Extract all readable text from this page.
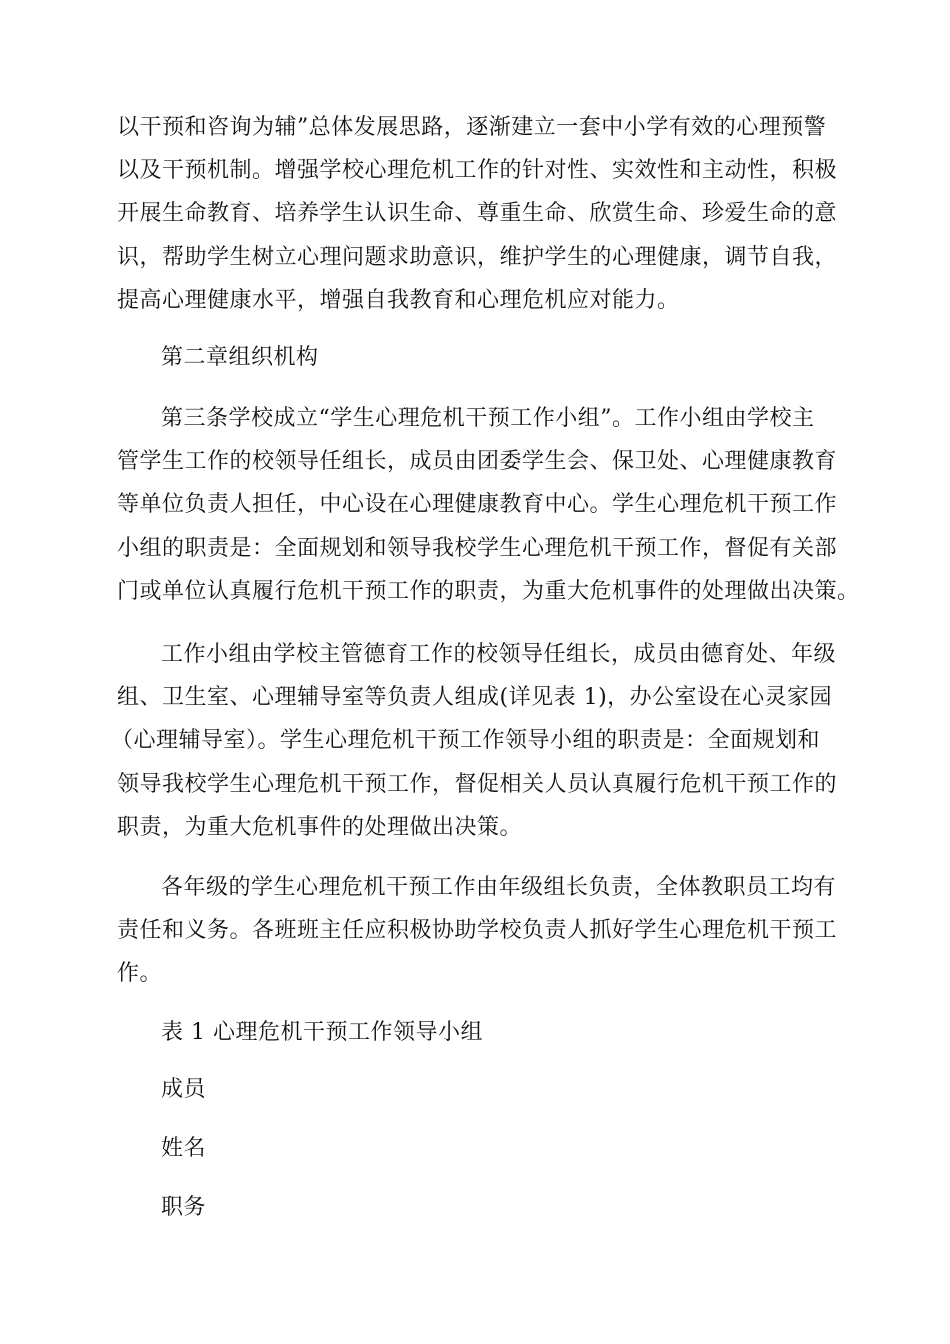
以干预和咨询为辅”总体发展思路，逐渐建立一套中小学有效的心理预警
以及干预机制。增强学校心理危机工作的针对性、实效性和主动性，积极
开展生命教育、培养学生认识生命、尊重生命、欣赏生命、珍爱生命的意
识，帮助学生树立心理问题求助意识，维护学生的心理健康，调节自我，
提高心理健康水平，增强自我教育和心理危机应对能力。
第二章组织机构
第三条学校成立“学生心理危机干预工作小组”。工作小组由学校主
管学生工作的校领导任组长，成员由团委学生会、保卫处、心理健康教育
等单位负责人担任，中心设在心理健康教育中心。学生心理危机干预工作
小组的职责是：全面规划和领导我校学生心理危机干预工作，督促有关部
门或单位认真履行危机干预工作的职责，为重大危机事件的处理做出决策。
工作小组由学校主管德育工作的校领导任组长，成员由德育处、年级
组、卫生室、心理辅导室等负责人组成(详见表 1)，办公室设在心灵家园
（心理辅导室）。学生心理危机干预工作领导小组的职责是：全面规划和
领导我校学生心理危机干预工作，督促相关人员认真履行危机干预工作的
职责，为重大危机事件的处理做出决策。
各年级的学生心理危机干预工作由年级组长负责，全体教职员工均有
责任和义务。各班班主任应积极协助学校负责人抓好学生心理危机干预工
作。
表 1 心理危机干预工作领导小组
成员
姓名
职务
